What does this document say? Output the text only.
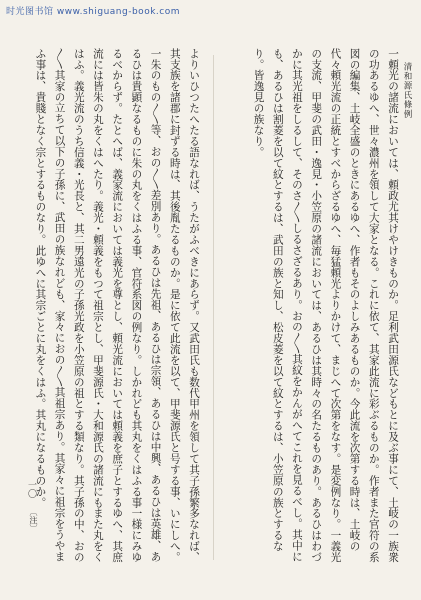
时光图书馆 www.shiguang-book.com
清和源氏條例
一頼光の諸流においては、頼政尤其けやけきものか。足利武田源氏などもとに及ぶ事にて、土岐の一族衆の功あるゆへ、世々濃州を領して大家となる。これに依て、其家此流に彩ぶるものか。作者また官符の系図の編集、土岐全盛のときにあるゆへ、作者もそのよしみあるものか。今此流を次第する時は、土岐の代々頼光流の正統とすべからざるゆへ、毎猛頼光よりかけて、まじへて次第をなす。是変例なり。一義光の支流、甲斐の武田・逸見・小笠原の諸流においては、あるひは其時々の名たるものあり。あるひはわづかに其光祖をしるして、そのさ〳〵しるさざるあり。おの〳〵其紋をかんがへてこれを見るべし。其中にも、あるひは割菱を以て紋とするは、武田の族と知し、松皮菱を以て紋とするは、小笠原の族とするなり。皆逸見の族なり。
よりいひつたへたる語なれば、うたがふべきにあらず。又武田氏も数代甲州を領して其子孫繁多なれば、其支族を諸郡に封ずる時は、其後胤たるものか。是に依て此流を以て、甲斐源氏と号する事、いにしへ。一朱のもの〳〵等、おの〳〵差別あり。あるひは先祖、あるひは宗領、あるひは中興、あるひは英雄、あるひは貴顕なるものに朱の丸をくはふる事、官符系図の例なり。しかれども其丸をくはふる事一様にみゆるべからず。たとへば、義家流においては義光を尊とし、頼光流においては頼義を庶子とするゆへ、其庶流には皆朱の丸をくはへたり。義光・頼義をもつて祖宗とし、甲斐源氏・大和源氏の諸流にもまた丸をくはふ。義光流のうち信義・光長と、其二男遠光の子孫光政を小笠原の祖とする類なり。其子孫の中、おの〳〵其家の立ちて以下の子孫に、武田の族なれども、家々におの〳〵其祖宗あり。其家々に祖宗をうやまふ事は、貴賤となく宗とするものなり。此ゆへに其宗ごとに丸をくはふ。其丸になるものか。
一〇
〔注〕
